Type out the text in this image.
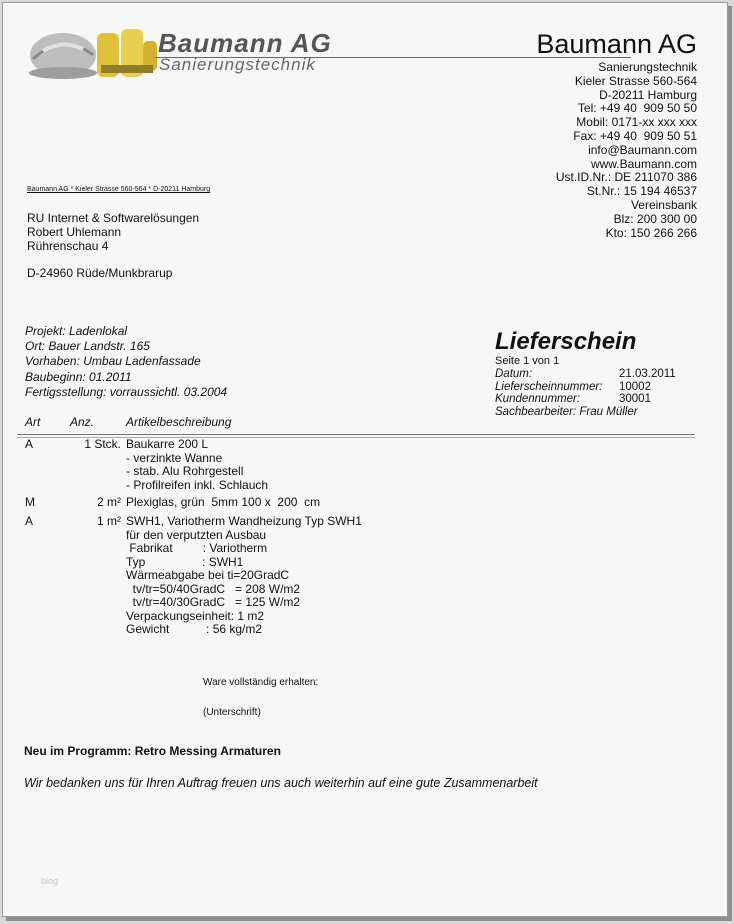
Baumann AG
Sanierungstechnik
Baumann AG
Sanierungstechnik
Kieler Strasse 560-564
D-20211 Hamburg
Tel: +49 40  909 50 50
Mobil: 0171-xx xxx xxx
Fax: +49 40  909 50 51
info@Baumann.com
www.Baumann.com
Ust.ID.Nr.: DE 211070 386
St.Nr.: 15 194 46537
Vereinsbank
Blz: 200 300 00
Kto: 150 266 266
Baumann AG * Kieler Strasse 560-564 * D-20211 Hamburg
RU Internet & Softwarelösungen
Robert Uhlemann
Rührenschau 4

D-24960 Rüde/Munkbrarup
Projekt: Ladenlokal
Ort: Bauer Landstr. 165
Vorhaben: Umbau Ladenfassade
Baubeginn: 01.2011
Fertigsstellung: vorraussichtl. 03.2004
Lieferschein
Seite 1 von 1
Datum:	21.03.2011
Lieferscheinnummer: 10002
Kundennummer:	30001
Sachbearbeiter: Frau Müller
Art Anz.	Artikelbeschreibung
A	1 Stck. Baukarre 200 L
- verzinkte Wanne
- stab. Alu Rohrgestell
- Profilreifen inkl. Schlauch
M	2 m² Plexiglas, grün  5mm 100 x  200  cm
A	1 m² SWH1, Variotherm Wandheizung Typ SWH1
für den verputzten Ausbau
Fabrikat         : Variotherm
Typ                 : SWH1
Wärmeabgabe bei ti=20GradC
tv/tr=50/40GradC   = 208 W/m2
tv/tr=40/30GradC   = 125 W/m2
Verpackungseinheit: 1 m2
Gewicht           : 56 kg/m2
Ware vollständig erhalten:
(Unterschrift)
Neu im Programm: Retro Messing Armaturen
Wir bedanken uns für Ihren Auftrag freuen uns auch weiterhin auf eine gute Zusammenarbeit
blog
